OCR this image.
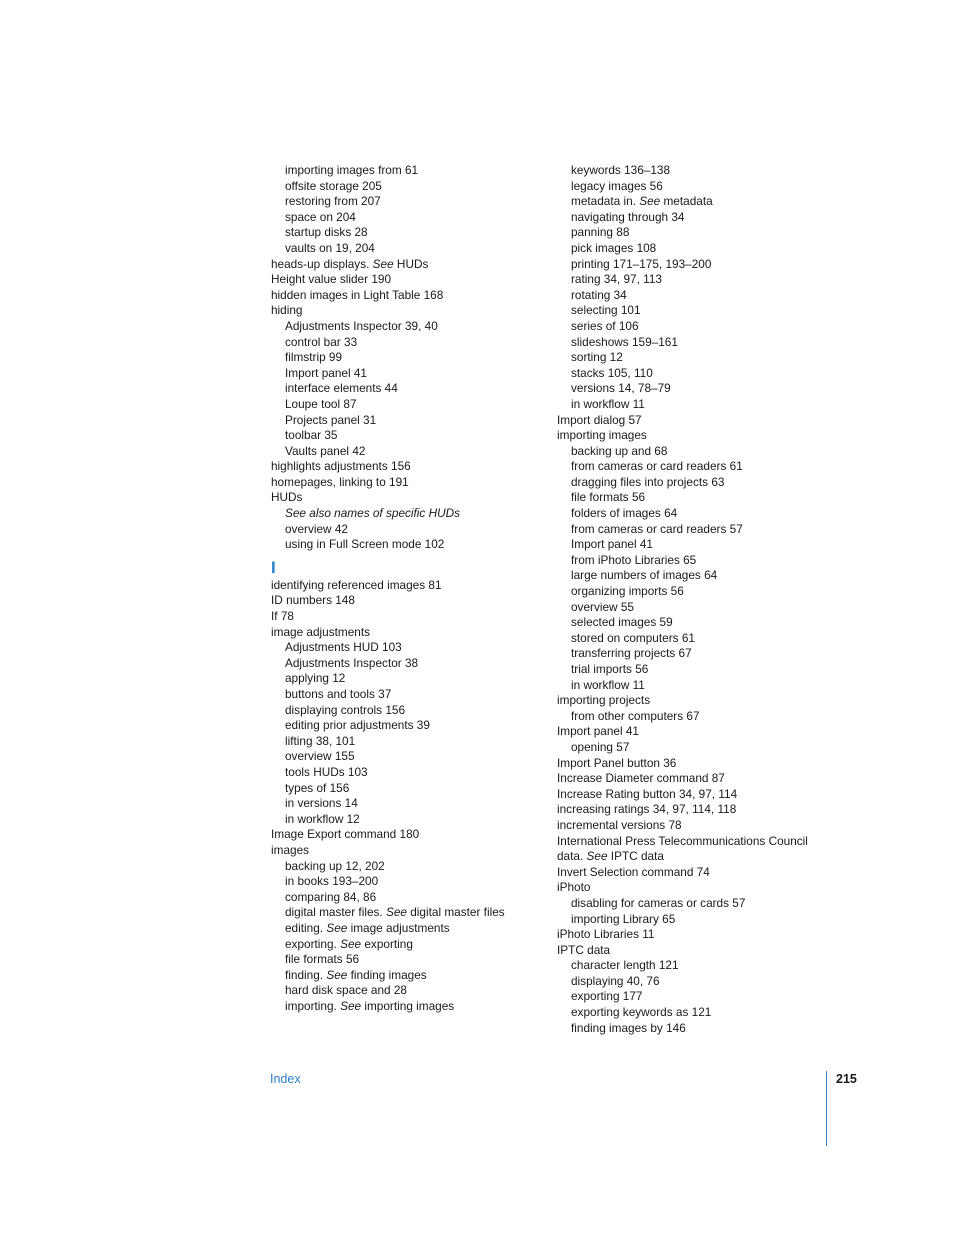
importing images from 61
offsite storage 205
restoring from 207
space on 204
startup disks 28
vaults on 19, 204
heads-up displays. See HUDs
Height value slider 190
hidden images in Light Table 168
hiding
Adjustments Inspector 39, 40
control bar 33
filmstrip 99
Import panel 41
interface elements 44
Loupe tool 87
Projects panel 31
toolbar 35
Vaults panel 42
highlights adjustments 156
homepages, linking to 191
HUDs
See also names of specific HUDs
overview 42
using in Full Screen mode 102
I
identifying referenced images 81
ID numbers 148
If 78
image adjustments
Adjustments HUD 103
Adjustments Inspector 38
applying 12
buttons and tools 37
displaying controls 156
editing prior adjustments 39
lifting 38, 101
overview 155
tools HUDs 103
types of 156
in versions 14
in workflow 12
Image Export command 180
images
backing up 12, 202
in books 193–200
comparing 84, 86
digital master files. See digital master files
editing. See image adjustments
exporting. See exporting
file formats 56
finding. See finding images
hard disk space and 28
importing. See importing images
keywords 136–138
legacy images 56
metadata in. See metadata
navigating through 34
panning 88
pick images 108
printing 171–175, 193–200
rating 34, 97, 113
rotating 34
selecting 101
series of 106
slideshows 159–161
sorting 12
stacks 105, 110
versions 14, 78–79
in workflow 11
Import dialog 57
importing images
backing up and 68
from cameras or card readers 61
dragging files into projects 63
file formats 56
folders of images 64
from cameras or card readers 57
Import panel 41
from iPhoto Libraries 65
large numbers of images 64
organizing imports 56
overview 55
selected images 59
stored on computers 61
transferring projects 67
trial imports 56
in workflow 11
importing projects
from other computers 67
Import panel 41
opening 57
Import Panel button 36
Increase Diameter command 87
Increase Rating button 34, 97, 114
increasing ratings 34, 97, 114, 118
incremental versions 78
International Press Telecommunications Council
data. See IPTC data
Invert Selection command 74
iPhoto
disabling for cameras or cards 57
importing Library 65
iPhoto Libraries 11
IPTC data
character length 121
displaying 40, 76
exporting 177
exporting keywords as 121
finding images by 146
Index	215
